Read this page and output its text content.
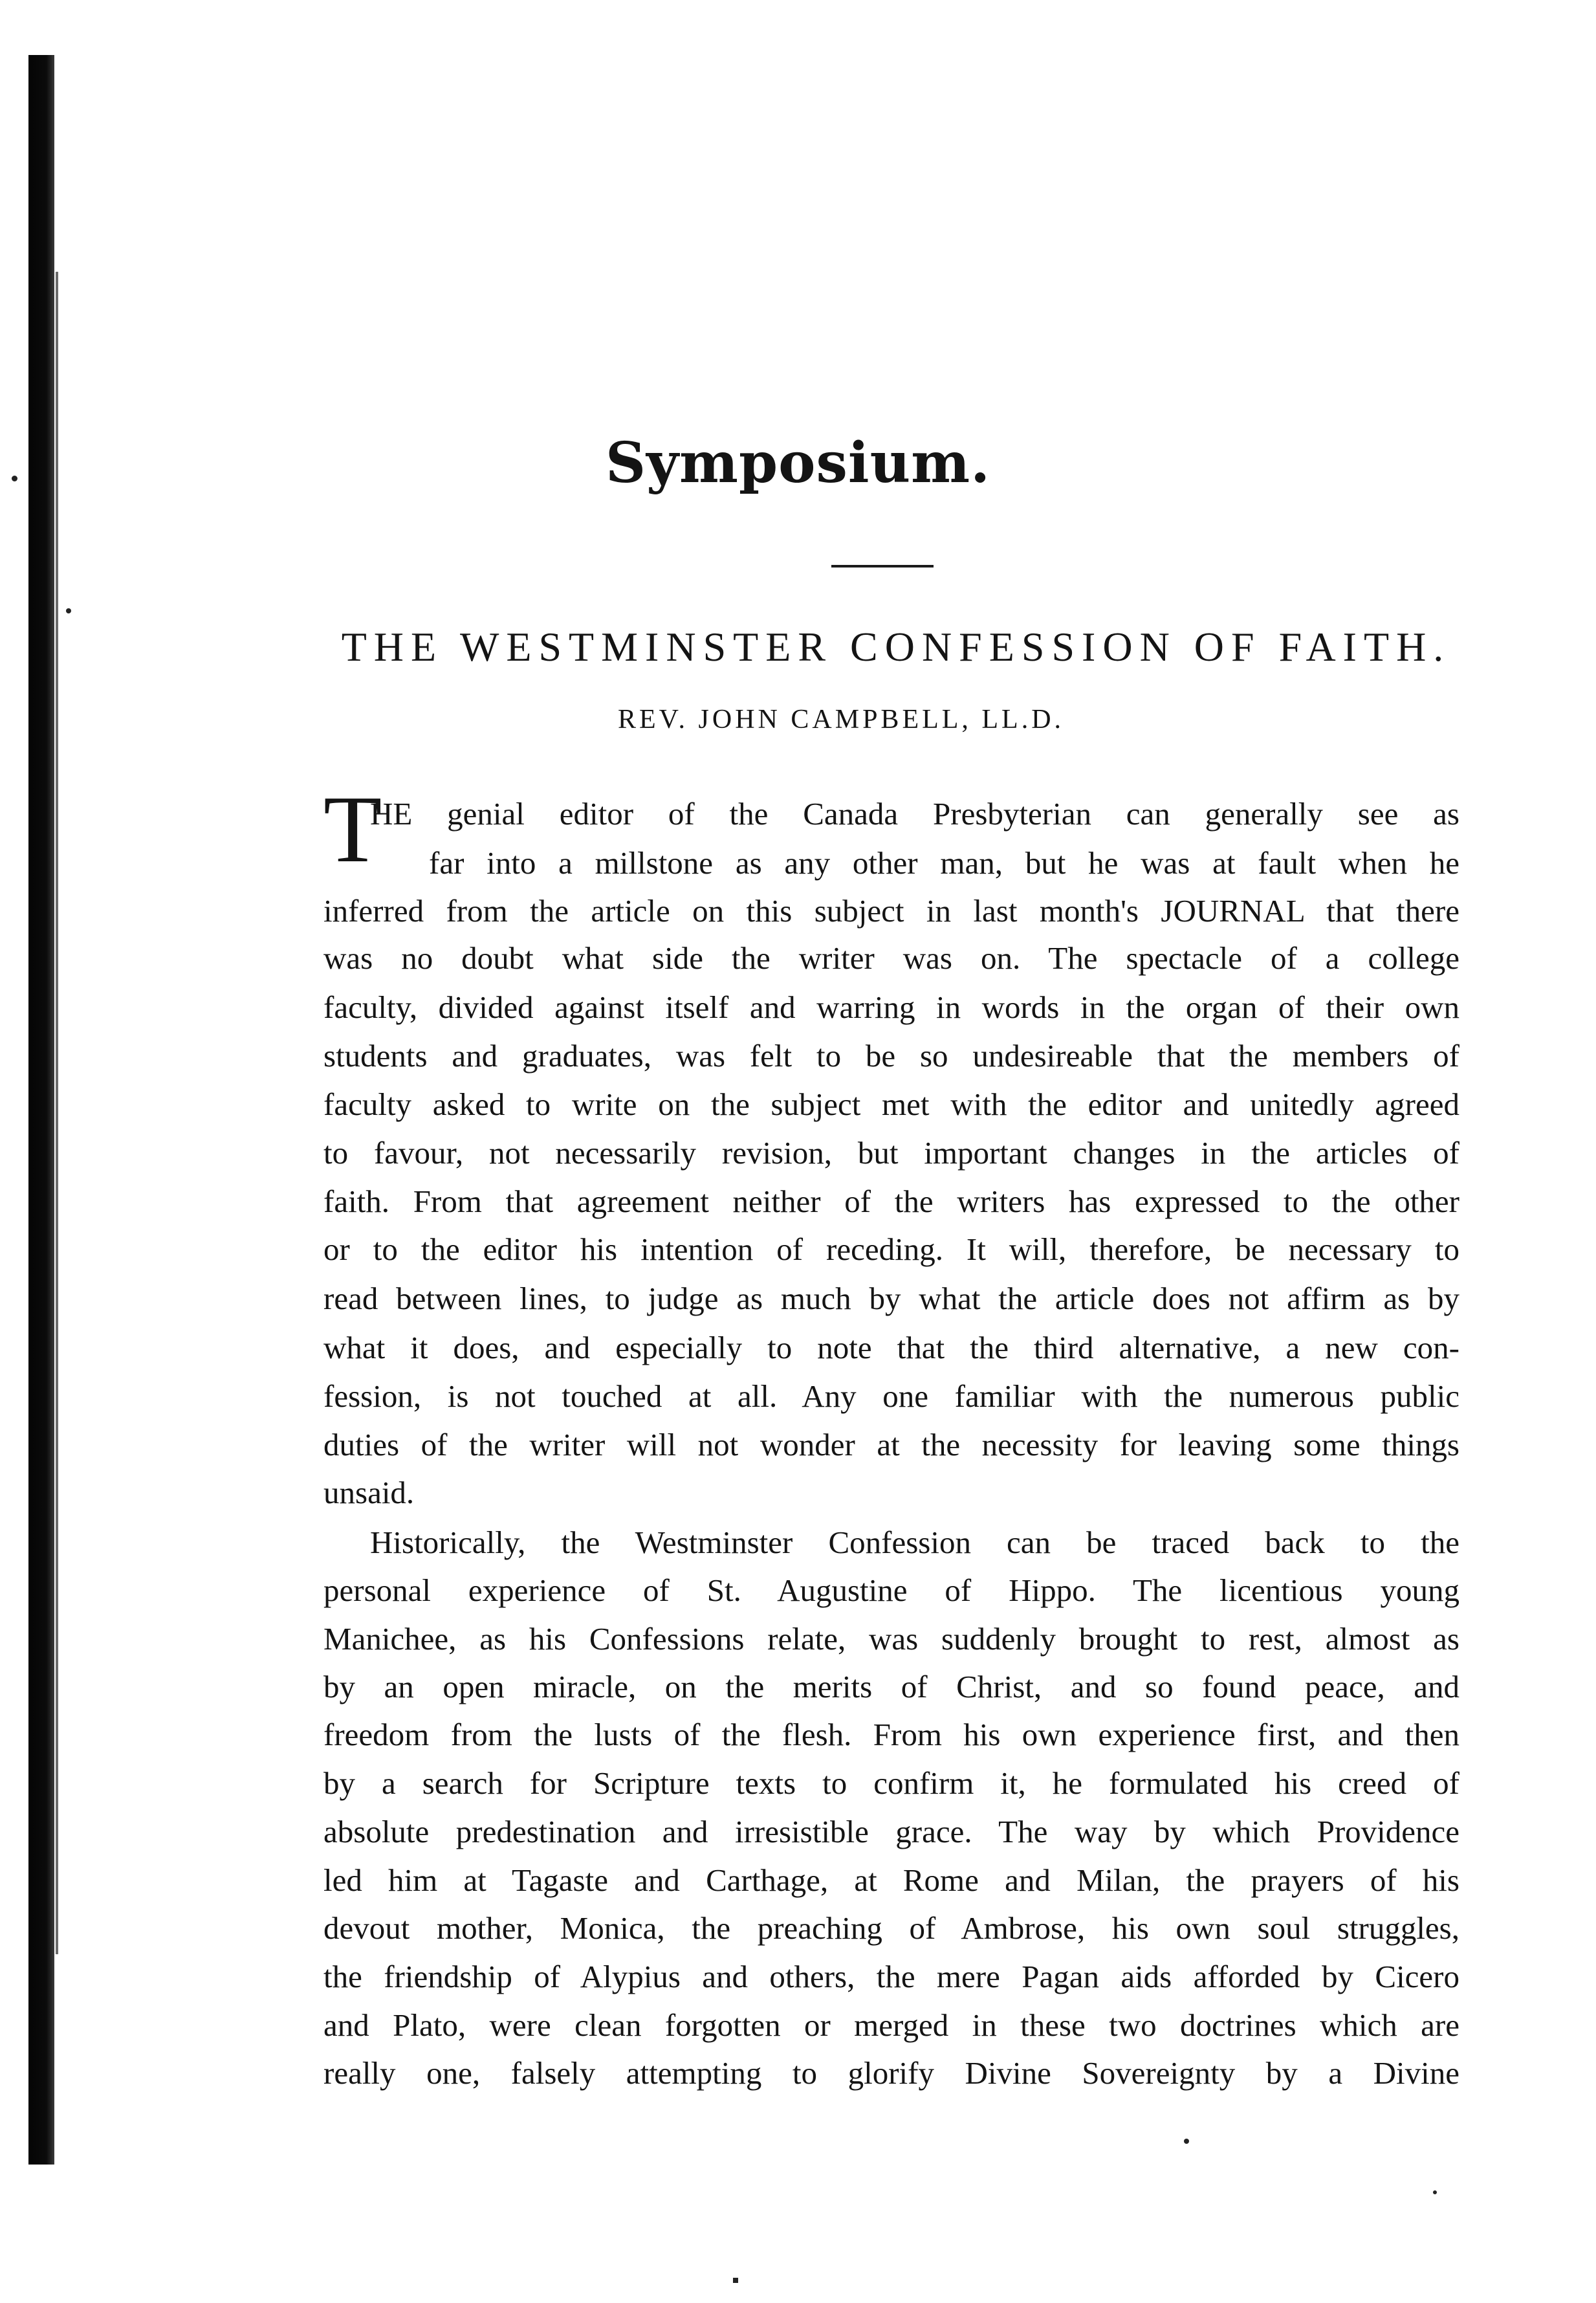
Symposium.
THE WESTMINSTER CONFESSION OF FAITH.
REV. JOHN CAMPBELL, LL.D.
T
HE genial editor of the Canada Presbyterian can generally see as
far into a millstone as any other man, but he was at fault when he
inferred from the article on this subject in last month's JOURNAL that there
was no doubt what side the writer was on. The spectacle of a college
faculty, divided against itself and warring in words in the organ of their own
students and graduates, was felt to be so undesireable that the members of
faculty asked to write on the subject met with the editor and unitedly agreed
to favour, not necessarily revision, but important changes in the articles of
faith. From that agreement neither of the writers has expressed to the other
or to the editor his intention of receding. It will, therefore, be necessary to
read between lines, to judge as much by what the article does not affirm as by
what it does, and especially to note that the third alternative, a new con-
fession, is not touched at all. Any one familiar with the numerous public
duties of the writer will not wonder at the necessity for leaving some things
unsaid.
Historically, the Westminster Confession can be traced back to the
personal experience of St. Augustine of Hippo. The licentious young
Manichee, as his Confessions relate, was suddenly brought to rest, almost as
by an open miracle, on the merits of Christ, and so found peace, and
freedom from the lusts of the flesh. From his own experience first, and then
by a search for Scripture texts to confirm it, he formulated his creed of
absolute predestination and irresistible grace. The way by which Providence
led him at Tagaste and Carthage, at Rome and Milan, the prayers of his
devout mother, Monica, the preaching of Ambrose, his own soul struggles,
the friendship of Alypius and others, the mere Pagan aids afforded by Cicero
and Plato, were clean forgotten or merged in these two doctrines which are
really one, falsely attempting to glorify Divine Sovereignty by a Divine
